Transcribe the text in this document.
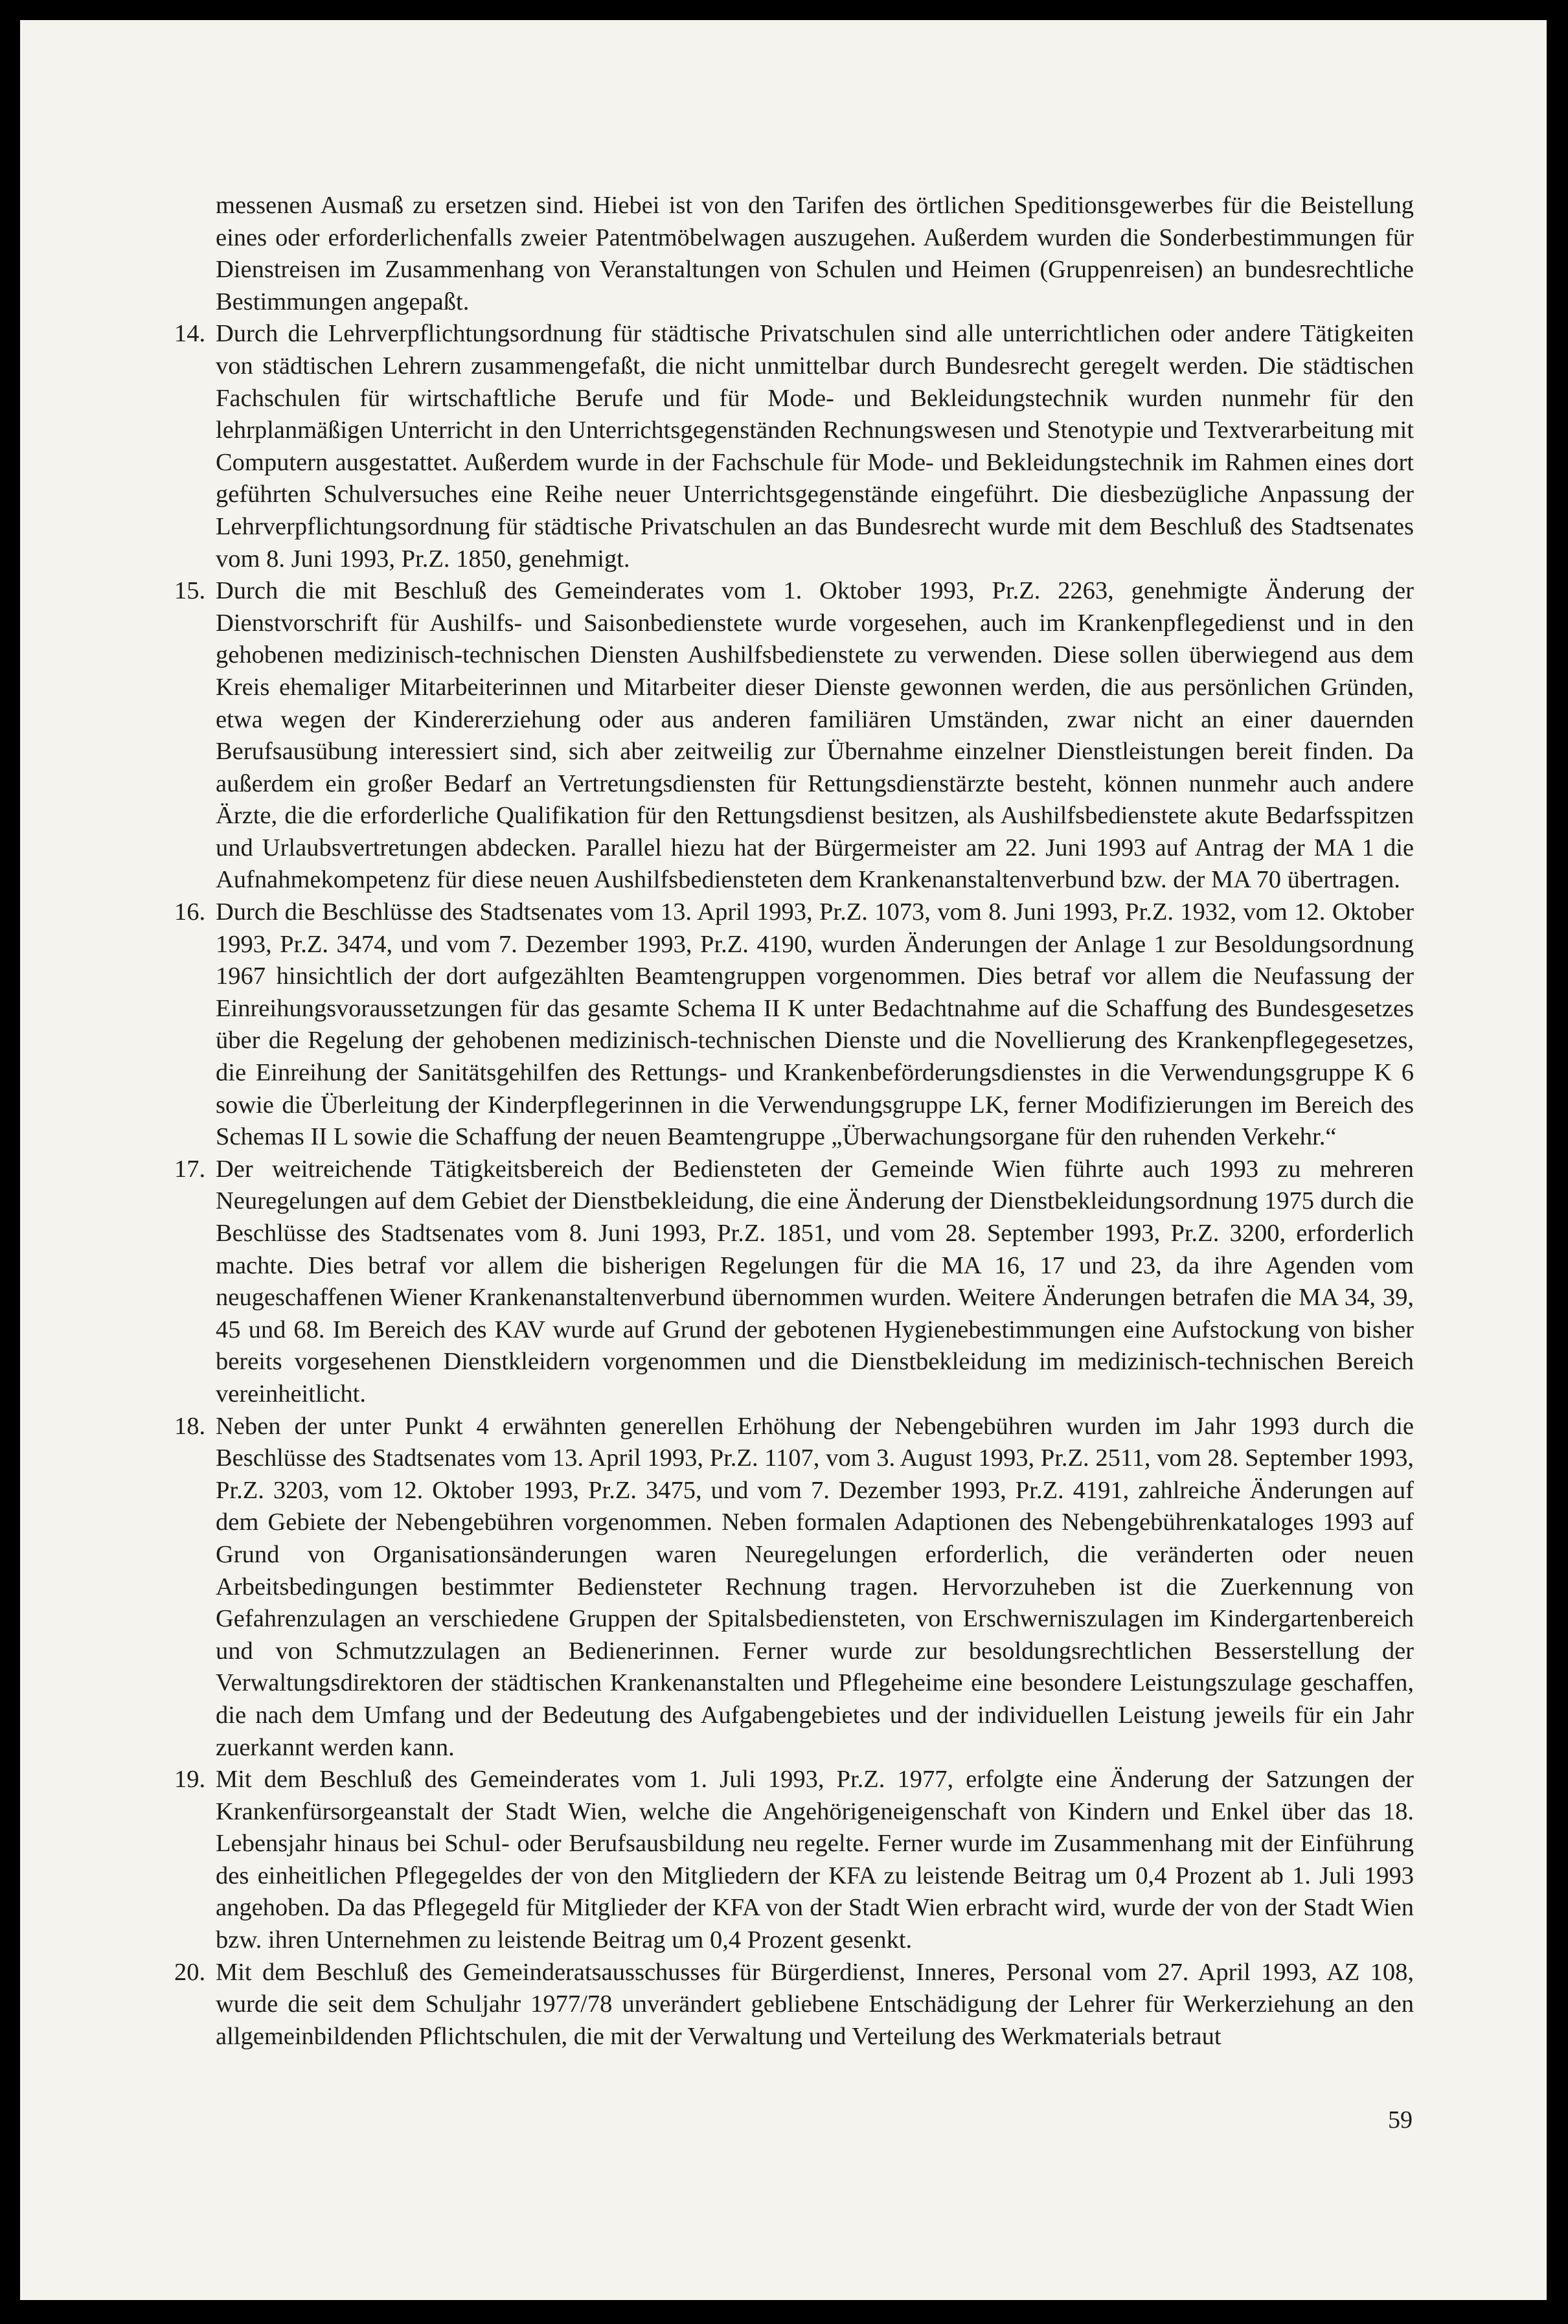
messenen Ausmaß zu ersetzen sind. Hiebei ist von den Tarifen des örtlichen Speditionsgewerbes für die Beistellung eines oder erforderlichenfalls zweier Patentmöbelwagen auszugehen. Außerdem wurden die Sonderbestimmungen für Dienstreisen im Zusammenhang von Veranstaltungen von Schulen und Heimen (Gruppenreisen) an bundesrechtliche Bestimmungen angepaßt.

14. Durch die Lehrverpflichtungsordnung für städtische Privatschulen sind alle unterrichtlichen oder andere Tätigkeiten von städtischen Lehrern zusammengefaßt, die nicht unmittelbar durch Bundesrecht geregelt werden. Die städtischen Fachschulen für wirtschaftliche Berufe und für Mode- und Bekleidungstechnik wurden nunmehr für den lehrplanmäßigen Unterricht in den Unterrichtsgegenständen Rechnungswesen und Stenotypie und Textverarbeitung mit Computern ausgestattet. Außerdem wurde in der Fachschule für Mode- und Bekleidungstechnik im Rahmen eines dort geführten Schulversuches eine Reihe neuer Unterrichtsgegenstände eingeführt. Die diesbezügliche Anpassung der Lehrverpflichtungsordnung für städtische Privatschulen an das Bundesrecht wurde mit dem Beschluß des Stadtsenates vom 8. Juni 1993, Pr.Z. 1850, genehmigt.
15. Durch die mit Beschluß des Gemeinderates vom 1. Oktober 1993, Pr.Z. 2263, genehmigte Änderung der Dienstvorschrift für Aushilfs- und Saisonbedienstete wurde vorgesehen, auch im Krankenpflegedienst und in den gehobenen medizinisch-technischen Diensten Aushilfsbedienstete zu verwenden. Diese sollen überwiegend aus dem Kreis ehemaliger Mitarbeiterinnen und Mitarbeiter dieser Dienste gewonnen werden, die aus persönlichen Gründen, etwa wegen der Kindererziehung oder aus anderen familiären Umständen, zwar nicht an einer dauernden Berufsausübung interessiert sind, sich aber zeitweilig zur Übernahme einzelner Dienstleistungen bereit finden. Da außerdem ein großer Bedarf an Vertretungsdiensten für Rettungsdienstärzte besteht, können nunmehr auch andere Ärzte, die die erforderliche Qualifikation für den Rettungsdienst besitzen, als Aushilfsbedienstete akute Bedarfsspitzen und Urlaubsvertretungen abdecken. Parallel hiezu hat der Bürgermeister am 22. Juni 1993 auf Antrag der MA 1 die Aufnahmekompetenz für diese neuen Aushilfsbediensteten dem Krankenanstaltenverbund bzw. der MA 70 übertragen.
16. Durch die Beschlüsse des Stadtsenates vom 13. April 1993, Pr.Z. 1073, vom 8. Juni 1993, Pr.Z. 1932, vom 12. Oktober 1993, Pr.Z. 3474, und vom 7. Dezember 1993, Pr.Z. 4190, wurden Änderungen der Anlage 1 zur Besoldungsordnung 1967 hinsichtlich der dort aufgezählten Beamtengruppen vorgenommen. Dies betraf vor allem die Neufassung der Einreihungsvoraussetzungen für das gesamte Schema II K unter Bedachtnahme auf die Schaffung des Bundesgesetzes über die Regelung der gehobenen medizinisch-technischen Dienste und die Novellierung des Krankenpflegegesetzes, die Einreihung der Sanitätsgehilfen des Rettungs- und Krankenbeförderungsdienstes in die Verwendungsgruppe K 6 sowie die Überleitung der Kinderpflegerinnen in die Verwendungsgruppe LK, ferner Modifizierungen im Bereich des Schemas II L sowie die Schaffung der neuen Beamtengruppe „Überwachungsorgane für den ruhenden Verkehr.“
17. Der weitreichende Tätigkeitsbereich der Bediensteten der Gemeinde Wien führte auch 1993 zu mehreren Neuregelungen auf dem Gebiet der Dienstbekleidung, die eine Änderung der Dienstbekleidungsordnung 1975 durch die Beschlüsse des Stadtsenates vom 8. Juni 1993, Pr.Z. 1851, und vom 28. September 1993, Pr.Z. 3200, erforderlich machte. Dies betraf vor allem die bisherigen Regelungen für die MA 16, 17 und 23, da ihre Agenden vom neugeschaffenen Wiener Krankenanstaltenverbund übernommen wurden. Weitere Änderungen betrafen die MA 34, 39, 45 und 68. Im Bereich des KAV wurde auf Grund der gebotenen Hygienebestimmungen eine Aufstockung von bisher bereits vorgesehenen Dienstkleidern vorgenommen und die Dienstbekleidung im medizinisch-technischen Bereich vereinheitlicht.
18. Neben der unter Punkt 4 erwähnten generellen Erhöhung der Nebengebühren wurden im Jahr 1993 durch die Beschlüsse des Stadtsenates vom 13. April 1993, Pr.Z. 1107, vom 3. August 1993, Pr.Z. 2511, vom 28. September 1993, Pr.Z. 3203, vom 12. Oktober 1993, Pr.Z. 3475, und vom 7. Dezember 1993, Pr.Z. 4191, zahlreiche Änderungen auf dem Gebiete der Nebengebühren vorgenommen. Neben formalen Adaptionen des Nebengebührenkataloges 1993 auf Grund von Organisationsänderungen waren Neuregelungen erforderlich, die veränderten oder neuen Arbeitsbedingungen bestimmter Bediensteter Rechnung tragen. Hervorzuheben ist die Zuerkennung von Gefahrenzulagen an verschiedene Gruppen der Spitalsbediensteten, von Erschwerniszulagen im Kindergartenbereich und von Schmutzzulagen an Bedienerinnen. Ferner wurde zur besoldungsrechtlichen Besserstellung der Verwaltungsdirektoren der städtischen Krankenanstalten und Pflegeheime eine besondere Leistungszulage geschaffen, die nach dem Umfang und der Bedeutung des Aufgabengebietes und der individuellen Leistung jeweils für ein Jahr zuerkannt werden kann.
19. Mit dem Beschluß des Gemeinderates vom 1. Juli 1993, Pr.Z. 1977, erfolgte eine Änderung der Satzungen der Krankenfürsorgeanstalt der Stadt Wien, welche die Angehörigeneigenschaft von Kindern und Enkel über das 18. Lebensjahr hinaus bei Schul- oder Berufsausbildung neu regelte. Ferner wurde im Zusammenhang mit der Einführung des einheitlichen Pflegegeldes der von den Mitgliedern der KFA zu leistende Beitrag um 0,4 Prozent ab 1. Juli 1993 angehoben. Da das Pflegegeld für Mitglieder der KFA von der Stadt Wien erbracht wird, wurde der von der Stadt Wien bzw. ihren Unternehmen zu leistende Beitrag um 0,4 Prozent gesenkt.
20. Mit dem Beschluß des Gemeinderatsausschusses für Bürgerdienst, Inneres, Personal vom 27. April 1993, AZ 108, wurde die seit dem Schuljahr 1977/78 unverändert gebliebene Entschädigung der Lehrer für Werkerziehung an den allgemeinbildenden Pflichtschulen, die mit der Verwaltung und Verteilung des Werkmaterials betraut
59
